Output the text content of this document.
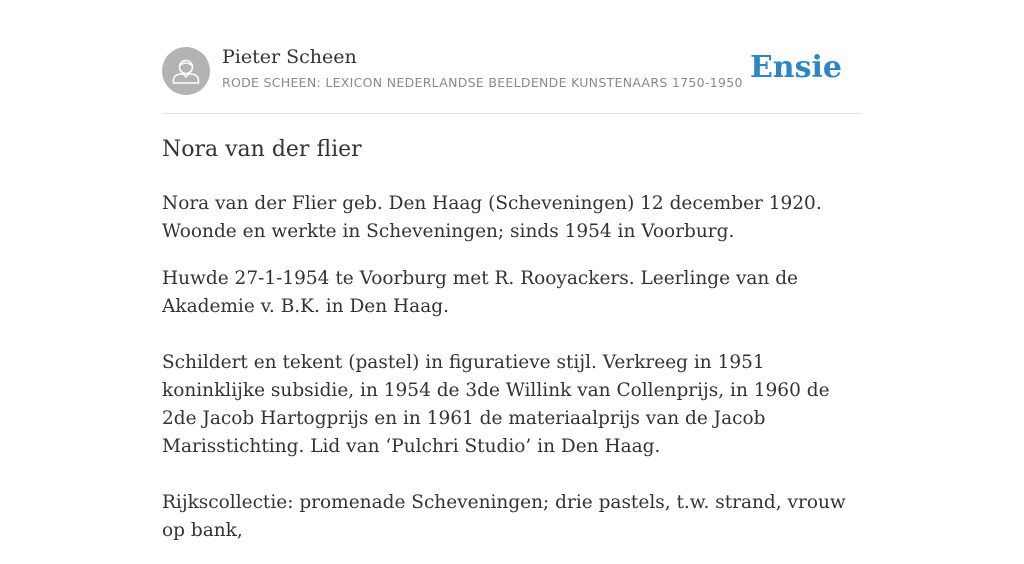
Pieter Scheen
RODE SCHEEN: LEXICON NEDERLANDSE BEELDENDE KUNSTENAARS 1750-1950 Ensie
Nora van der flier

Nora van der Flier geb. Den Haag (Scheveningen) 12 december 1920. Woonde en werkte in Scheveningen; sinds 1954 in Voorburg.

Huwde 27-1-1954 te Voorburg met R. Rooyackers. Leerlinge van de Akademie v. B.K. in Den Haag.

Schildert en tekent (pastel) in figuratieve stijl. Verkreeg in 1951 koninklijke subsidie, in 1954 de 3de Willink van Collenprijs, in 1960 de 2de Jacob Hartogprijs en in 1961 de materiaalprijs van de Jacob Marisstichting. Lid van ‘Pulchri Studio’ in Den Haag.

Rijkscollectie: promenade Scheveningen; drie pastels, t.w. strand, vrouw op bank,
